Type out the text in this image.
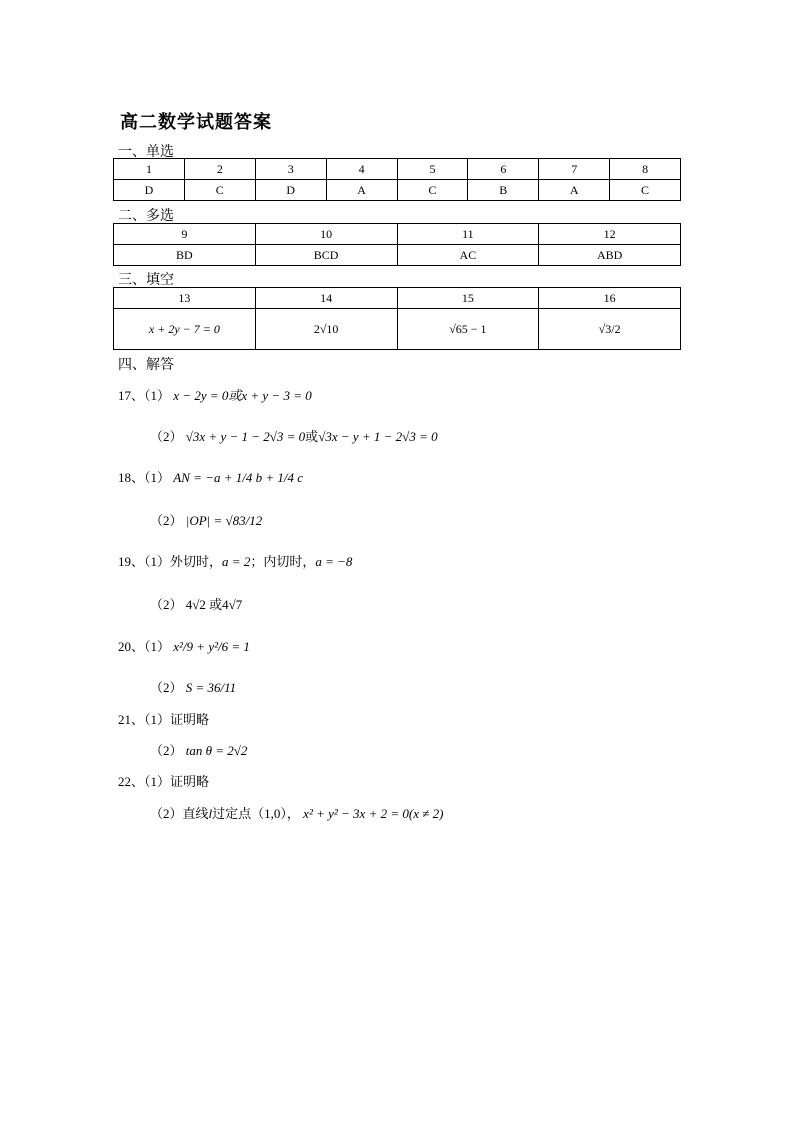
高二数学试题答案
一、单选
1	2	3	4	5	6	7	8
D	C	D	A	C	B	A	C
二、多选
9	10	11	12
BD	BCD	AC	ABD
三、填空
13	14	15	16
x + 2y − 7 = 0	2√10	√65 − 1	√3/2
四、解答
17、（1） x − 2y = 0或x + y − 3 = 0
（2） √3x + y − 1 − 2√3 = 0或√3x − y + 1 − 2√3 = 0
18、（1） AN = −a + 1/4 b + 1/4 c
（2） |OP| = √83/12
19、（1）外切时，a = 2；内切时，a = −8
（2） 4√2 或4√7
20、（1） x²/9 + y²/6 = 1
（2） S = 36/11
21、（1）证明略
（2） tan θ = 2√2
22、（1）证明略
（2）直线l过定点（1,0）， x² + y² − 3x + 2 = 0(x ≠ 2)
